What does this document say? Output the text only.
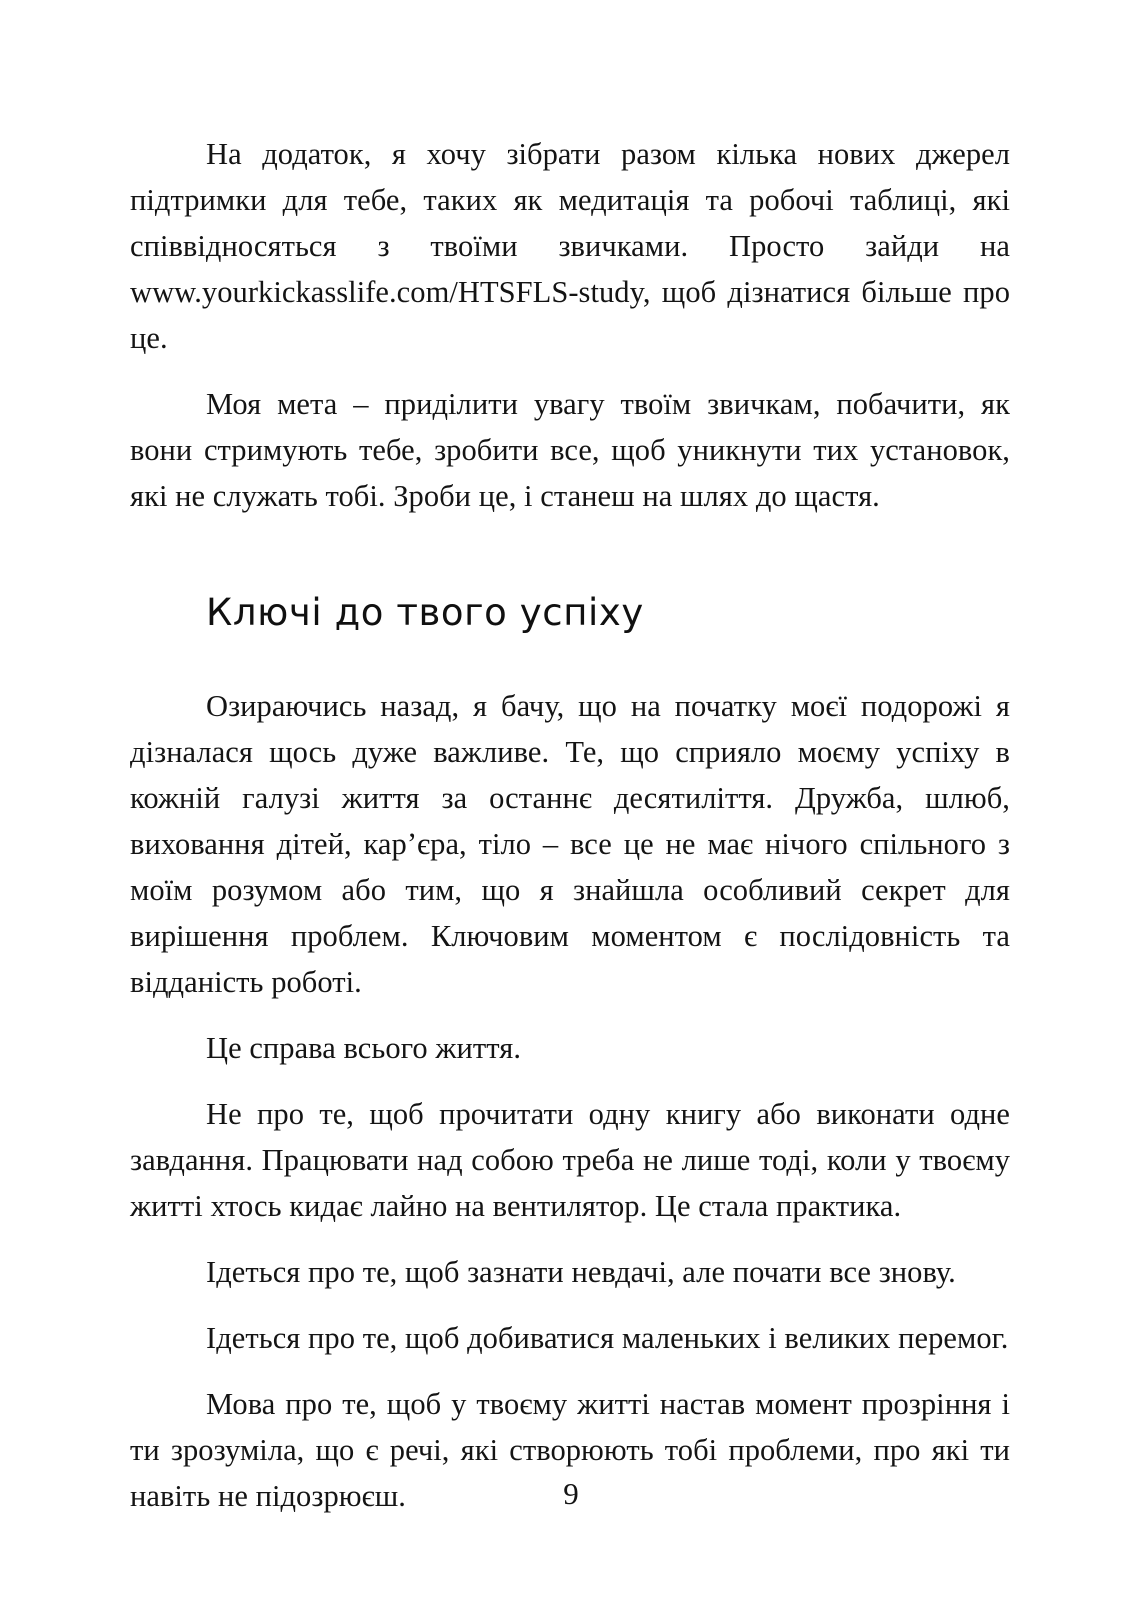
На додаток, я хочу зібрати разом кілька нових джерел підтримки для тебе, таких як медитація та робочі таблиці, які співвідносяться з твоїми звичками. Просто зайди на www.yourkickasslife.com/HTSFLS-study, щоб дізнатися більше про це.

Моя мета – приділити увагу твоїм звичкам, побачити, як вони стримують тебе, зробити все, щоб уникнути тих установок, які не служать тобі. Зроби це, і станеш на шлях до щастя.

Ключі до твого успіху

Озираючись назад, я бачу, що на початку моєї подорожі я дізналася щось дуже важливе. Те, що сприяло моєму успіху в кожній галузі життя за останнє десятиліття. Дружба, шлюб, виховання дітей, карʼєра, тіло – все це не має нічого спільного з моїм розумом або тим, що я знайшла особливий секрет для вирішення проблем. Ключовим моментом є послідовність та відданість роботі.

Це справа всього життя.

Не про те, щоб прочитати одну книгу або виконати одне завдання. Працювати над собою треба не лише тоді, коли у твоєму житті хтось кидає лайно на вентилятор. Це стала практика.

Ідеться про те, щоб зазнати невдачі, але почати все знову.

Ідеться про те, щоб добиватися маленьких і великих перемог.

Мова про те, щоб у твоєму житті настав момент прозріння і ти зрозуміла, що є речі, які створюють тобі проблеми, про які ти навіть не підозрюєш.	9
